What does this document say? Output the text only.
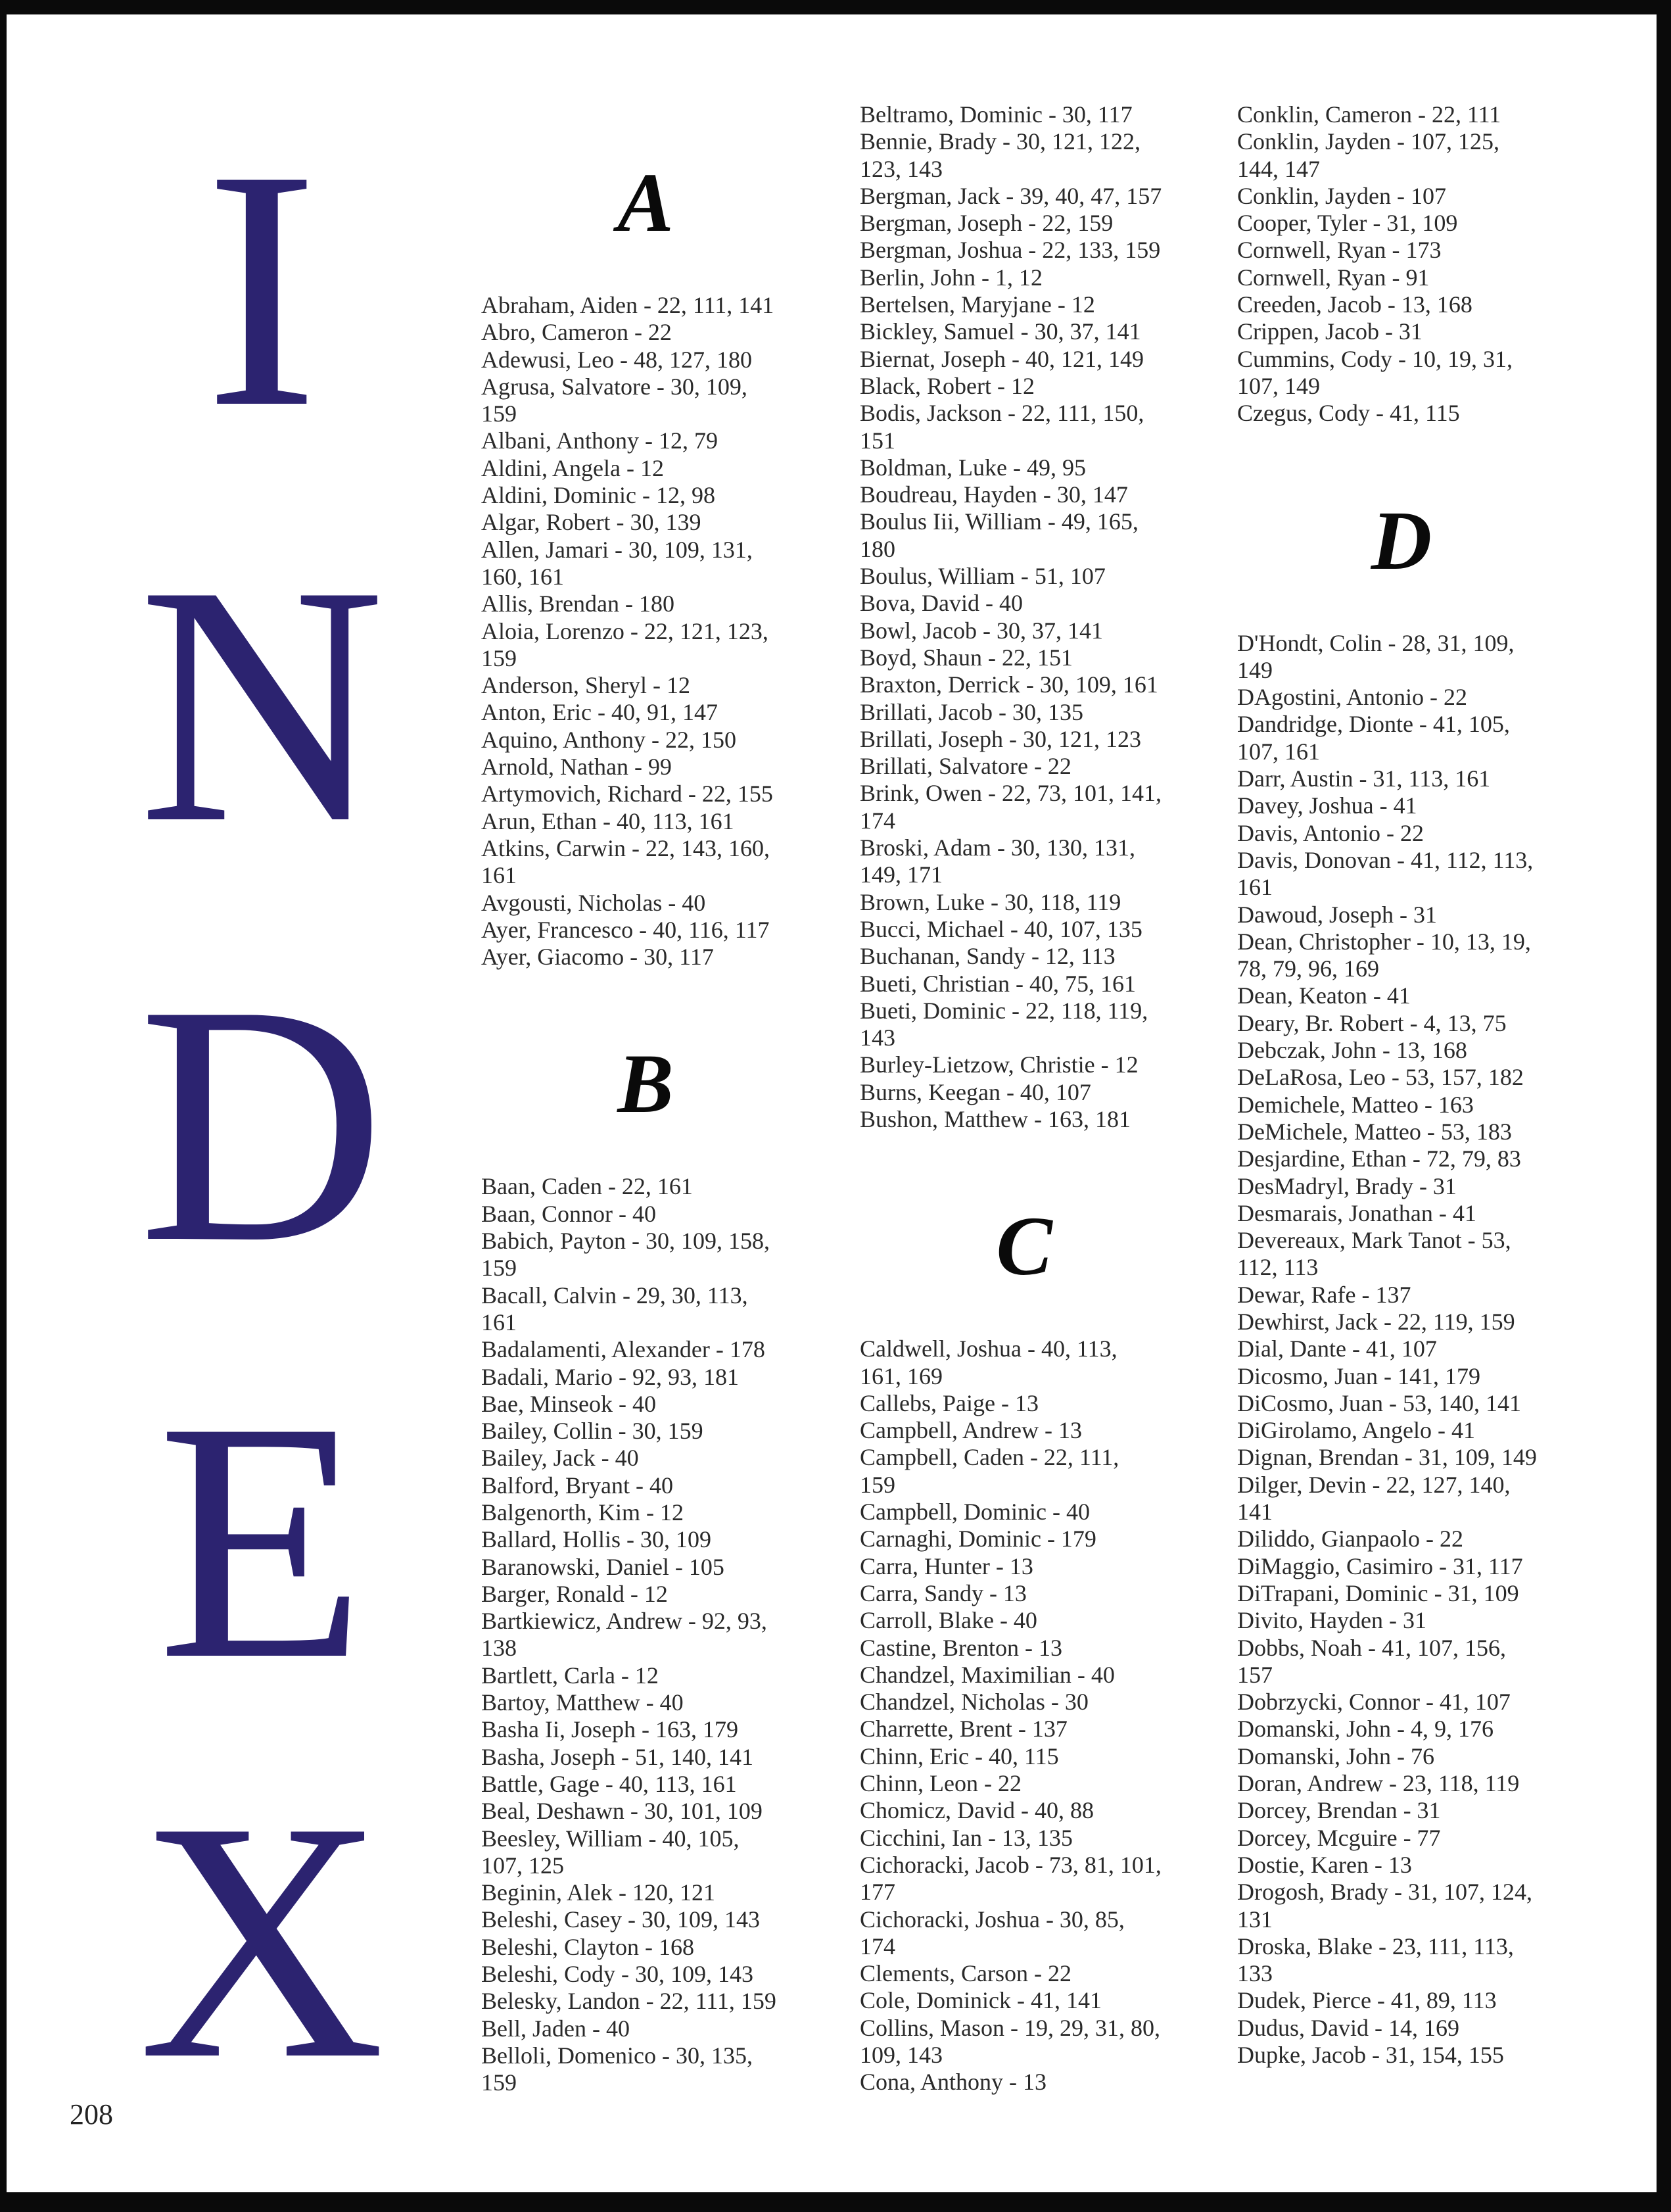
I
N
D
E
X
208
A
Abraham, Aiden - 22, 111, 141
Abro, Cameron - 22
Adewusi, Leo - 48, 127, 180
Agrusa, Salvatore - 30, 109,
159
Albani, Anthony - 12, 79
Aldini, Angela - 12
Aldini, Dominic - 12, 98
Algar, Robert - 30, 139
Allen, Jamari - 30, 109, 131,
160, 161
Allis, Brendan - 180
Aloia, Lorenzo - 22, 121, 123,
159
Anderson, Sheryl - 12
Anton, Eric - 40, 91, 147
Aquino, Anthony - 22, 150
Arnold, Nathan - 99
Artymovich, Richard - 22, 155
Arun, Ethan - 40, 113, 161
Atkins, Carwin - 22, 143, 160,
161
Avgousti, Nicholas - 40
Ayer, Francesco - 40, 116, 117
Ayer, Giacomo - 30, 117
B
Baan, Caden - 22, 161
Baan, Connor - 40
Babich, Payton - 30, 109, 158,
159
Bacall, Calvin - 29, 30, 113,
161
Badalamenti, Alexander - 178
Badali, Mario - 92, 93, 181
Bae, Minseok - 40
Bailey, Collin - 30, 159
Bailey, Jack - 40
Balford, Bryant - 40
Balgenorth, Kim - 12
Ballard, Hollis - 30, 109
Baranowski, Daniel - 105
Barger, Ronald - 12
Bartkiewicz, Andrew - 92, 93,
138
Bartlett, Carla - 12
Bartoy, Matthew - 40
Basha Ii, Joseph - 163, 179
Basha, Joseph - 51, 140, 141
Battle, Gage - 40, 113, 161
Beal, Deshawn - 30, 101, 109
Beesley, William - 40, 105,
107, 125
Beginin, Alek - 120, 121
Beleshi, Casey - 30, 109, 143
Beleshi, Clayton - 168
Beleshi, Cody - 30, 109, 143
Belesky, Landon - 22, 111, 159
Bell, Jaden - 40
Belloli, Domenico - 30, 135,
159
Beltramo, Dominic - 30, 117
Bennie, Brady - 30, 121, 122,
123, 143
Bergman, Jack - 39, 40, 47, 157
Bergman, Joseph - 22, 159
Bergman, Joshua - 22, 133, 159
Berlin, John - 1, 12
Bertelsen, Maryjane - 12
Bickley, Samuel - 30, 37, 141
Biernat, Joseph - 40, 121, 149
Black, Robert - 12
Bodis, Jackson - 22, 111, 150,
151
Boldman, Luke - 49, 95
Boudreau, Hayden - 30, 147
Boulus Iii, William - 49, 165,
180
Boulus, William - 51, 107
Bova, David - 40
Bowl, Jacob - 30, 37, 141
Boyd, Shaun - 22, 151
Braxton, Derrick - 30, 109, 161
Brillati, Jacob - 30, 135
Brillati, Joseph - 30, 121, 123
Brillati, Salvatore - 22
Brink, Owen - 22, 73, 101, 141,
174
Broski, Adam - 30, 130, 131,
149, 171
Brown, Luke - 30, 118, 119
Bucci, Michael - 40, 107, 135
Buchanan, Sandy - 12, 113
Bueti, Christian - 40, 75, 161
Bueti, Dominic - 22, 118, 119,
143
Burley-Lietzow, Christie - 12
Burns, Keegan - 40, 107
Bushon, Matthew - 163, 181
C
Caldwell, Joshua - 40, 113,
161, 169
Callebs, Paige - 13
Campbell, Andrew - 13
Campbell, Caden - 22, 111,
159
Campbell, Dominic - 40
Carnaghi, Dominic - 179
Carra, Hunter - 13
Carra, Sandy - 13
Carroll, Blake - 40
Castine, Brenton - 13
Chandzel, Maximilian - 40
Chandzel, Nicholas - 30
Charrette, Brent - 137
Chinn, Eric - 40, 115
Chinn, Leon - 22
Chomicz, David - 40, 88
Cicchini, Ian - 13, 135
Cichoracki, Jacob - 73, 81, 101,
177
Cichoracki, Joshua - 30, 85,
174
Clements, Carson - 22
Cole, Dominick - 41, 141
Collins, Mason - 19, 29, 31, 80,
109, 143
Cona, Anthony - 13
Conklin, Cameron - 22, 111
Conklin, Jayden - 107, 125,
144, 147
Conklin, Jayden - 107
Cooper, Tyler - 31, 109
Cornwell, Ryan - 173
Cornwell, Ryan - 91
Creeden, Jacob - 13, 168
Crippen, Jacob - 31
Cummins, Cody - 10, 19, 31,
107, 149
Czegus, Cody - 41, 115
D
D'Hondt, Colin - 28, 31, 109,
149
DAgostini, Antonio - 22
Dandridge, Dionte - 41, 105,
107, 161
Darr, Austin - 31, 113, 161
Davey, Joshua - 41
Davis, Antonio - 22
Davis, Donovan - 41, 112, 113,
161
Dawoud, Joseph - 31
Dean, Christopher - 10, 13, 19,
78, 79, 96, 169
Dean, Keaton - 41
Deary, Br. Robert - 4, 13, 75
Debczak, John - 13, 168
DeLaRosa, Leo - 53, 157, 182
Demichele, Matteo - 163
DeMichele, Matteo - 53, 183
Desjardine, Ethan - 72, 79, 83
DesMadryl, Brady - 31
Desmarais, Jonathan - 41
Devereaux, Mark Tanot - 53,
112, 113
Dewar, Rafe - 137
Dewhirst, Jack - 22, 119, 159
Dial, Dante - 41, 107
Dicosmo, Juan - 141, 179
DiCosmo, Juan - 53, 140, 141
DiGirolamo, Angelo - 41
Dignan, Brendan - 31, 109, 149
Dilger, Devin - 22, 127, 140,
141
Diliddo, Gianpaolo - 22
DiMaggio, Casimiro - 31, 117
DiTrapani, Dominic - 31, 109
Divito, Hayden - 31
Dobbs, Noah - 41, 107, 156,
157
Dobrzycki, Connor - 41, 107
Domanski, John - 4, 9, 176
Domanski, John - 76
Doran, Andrew - 23, 118, 119
Dorcey, Brendan - 31
Dorcey, Mcguire - 77
Dostie, Karen - 13
Drogosh, Brady - 31, 107, 124,
131
Droska, Blake - 23, 111, 113,
133
Dudek, Pierce - 41, 89, 113
Dudus, David - 14, 169
Dupke, Jacob - 31, 154, 155
